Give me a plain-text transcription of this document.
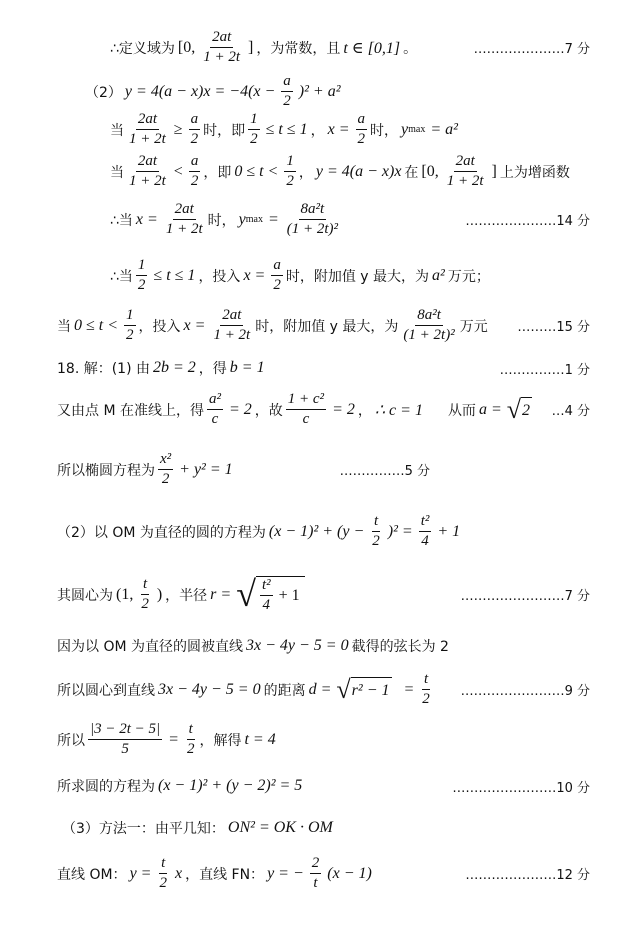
∴定义域为 [0, $\frac{2at}{1 + 2t}$ ] ，为常数，且 t ∈ [0,1] 。	…………………7 分
（2） $y = 4(a - x)x = -4(x - \frac{a}{2} )^2 + a^2$
当 $\frac{2at}{1 + 2t} \ge \frac{a}{2}$ 时，即 $\frac{1}{2} \le t \le 1$ ， $x = \frac{a}{2}$ 时， y max = a²
当 $\frac{2at}{1 + 2t} < \frac{a}{2}$ ，即 $0 \le t < \frac{1}{2}$ ， y = 4(a − x)x 在 [0, $\frac{2at}{1 + 2t}$ ] 上为增函数
∴当 $x = \frac{2at}{1 + 2t}$ 时， y $\max = \frac{\text{8a²t}}{\text{(1 + 2t)²}}$	…………………14 分
∴当 $\frac{1}{2} \le t \le 1$ ，投入 $x = \frac{a}{2}$ 时，附加值 y 最大，为 a² 万元；
当 $0 \le t < \frac{1}{2}$ ，投入 $x = \frac{2at}{1 + 2t}$ 时，附加值 y 最大，为 $\frac{\text{8a²t}}{\text{(1 + 2t)²}}$ 万元 ………15 分
18. 解：(1) 由 2b = 2 ，得 b = 1	……………1 分
又由点 M 在准线上，得 $\frac{\text{a²}}{c} = 2$ ，故 $\frac{\text{1 + c²}}{c} = 2$ ， ∴ c = 1 从而 a = √ 2 …4 分
所以椭圆方程为 $\frac{\text{x²}}{2} + y^2 = 1$	……………5 分
（2）以 OM 为直径的圆的方程为 $(x - 1)^2 + (y - \frac{t}{2} )^2 = \frac{\text{t²}}{4} + 1$
其圆心为 (1, $\frac{t}{2}$ ) ，半径 r = √ $\frac{\text{t²}}{4} + 1$	……………………7 分
因为以 OM 为直径的圆被直线 3x − 4y − 5 = 0 截得的弦长为 2
所以圆心到直线 3x − 4y − 5 = 0 的距离 d = √ $r^2 - 1 = \frac{t}{2}$ ……………………9 分
所以 $\frac{|3 - 2t - 5|}{5} = \frac{t}{2}$ ，解得 t = 4
所求圆的方程为 (x − 1)² + (y − 2)² = 5	……………………10 分
（3）方法一：由平几知： ON² = OK · OM
直线 OM： $y = \frac{t}{2}$ x ，直线 FN： y = − $\frac{2}{t} (x - 1)$	…………………12 分
